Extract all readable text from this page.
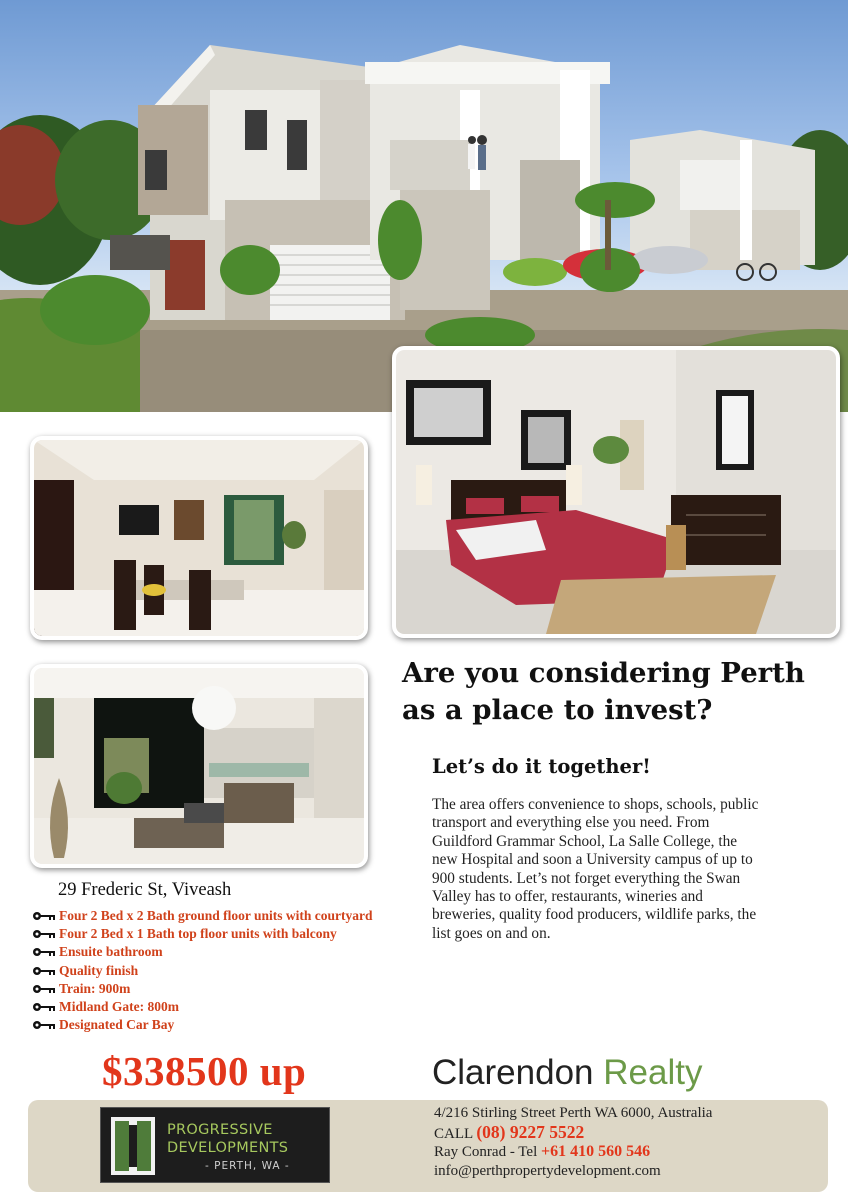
Are you considering Perth
as a place to invest?
Let’s do it together!
The area offers convenience to shops, schools, public transport and everything else you need. From Guildford Grammar School, La Salle College, the new Hospital and soon a University campus of up to 900 students. Let’s not forget everything the Swan Valley has to offer, restaurants, wineries and breweries, quality food producers, wildlife parks, the list goes on and on.
29 Frederic St, Viveash
Four 2 Bed x 2 Bath ground floor units with courtyard
Four 2 Bed x 1 Bath top floor units with balcony
Ensuite bathroom
Quality finish
Train: 900m
Midland Gate: 800m
Designated Car Bay
$338500 up	Clarendon Realty
PROGRESSIVE
DEVELOPMENTS
- PERTH, WA -
4/216 Stirling Street Perth WA 6000, Australia
CALL (08) 9227 5522
Ray Conrad - Tel +61 410 560 546
info@perthpropertydevelopment.com
